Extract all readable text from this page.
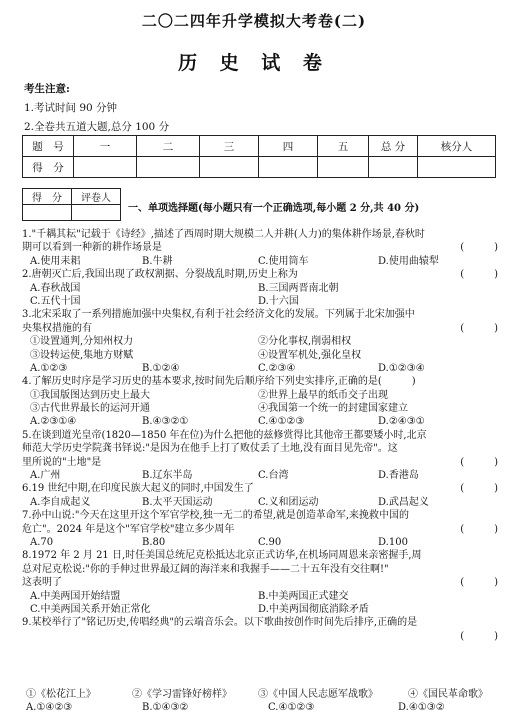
二〇二四年升学模拟大考卷(二)
历 史 试 卷
考生注意:
1.考试时间 90 分钟
2.全卷共五道大题,总分 100 分
题　号	一	二	三	四	五	总 分	核分人
得　分							
得　分	评卷人

一、单项选择题(每小题只有一个正确选项,每小题 2 分,共 40 分)
1."千耦其耘"记载于《诗经》,描述了西周时期大规模二人并耕(人力)的集体耕作场景,春秋时
期可以看到一种新的耕作场景是	(　　　)
A.使用耒耜	B.牛耕	C.使用筒车	D.使用曲辕犁
2.唐朝灭亡后,我国出现了政权割据、分裂战乱时期,历史上称为	(　　　)
A.春秋战国	B.三国两晋南北朝
C.五代十国	D.十六国
3.北宋采取了一系列措施加强中央集权,有利于社会经济文化的发展。下列属于北宋加强中
央集权措施的有	(　　　)
①设置通判,分知州权力	②分化事权,削弱相权
③设转运使,集地方财赋	④设置军机处,强化皇权
A.①②③	B.①②④	C.②③④	D.①②③④
4.了解历史时序是学习历史的基本要求,按时间先后顺序给下列史实排序,正确的是(　　　)
①我国版图达到历史上最大	②世界上最早的纸币交子出现
③古代世界最长的运河开通	④我国第一个统一的封建国家建立
A.②③①④	B.④③②①	C.④①②③	D.②④③①
5.在谈到道光皇帝(1820—1850 年在位)为什么把他的兹修赏得比其他帝王都要矮小时,北京
师范大学历史学院龚书铎说:"是因为在他手上打了败仗丢了土地,没有面目见先帝"。这
里所说的"土地"是	(　　　)
A.广州	B.辽东半岛	C.台湾	D.香港岛
6.19 世纪中期,在印度民族大起义的同时,中国发生了	(　　　)
A.李自成起义	B.太平天国运动	C.义和团运动	D.武昌起义
7.孙中山说:"今天在这里开这个军官学校,独一无二的希望,就是创造革命军,来挽救中国的
危亡"。2024 年是这个"军官学校"建立多少周年	(　　　)
A.70	B.80	C.90	D.100
8.1972 年 2 月 21 日,时任美国总统尼克松抵达北京正式访华,在机场同周恩来亲密握手,周
总对尼克松说:"你的手伸过世界最辽阔的海洋来和我握手——二十五年没有交往啊!"
这表明了	(　　　)
A.中美两国开始结盟	B.中美两国正式建交
C.中美两国关系开始正常化	D.中美两国彻底消除矛盾
9.某校举行了"铭记历史,传唱经典"的云端音乐会。以下歌曲按创作时间先后排序,正确的是
(　　　)
①《松花江上》	②《学习雷锋好榜样》	③《中国人民志愿军战歌》	④《国民革命歌》
A.①④②③	B.①④③②	C.④①②③	D.④①③②
